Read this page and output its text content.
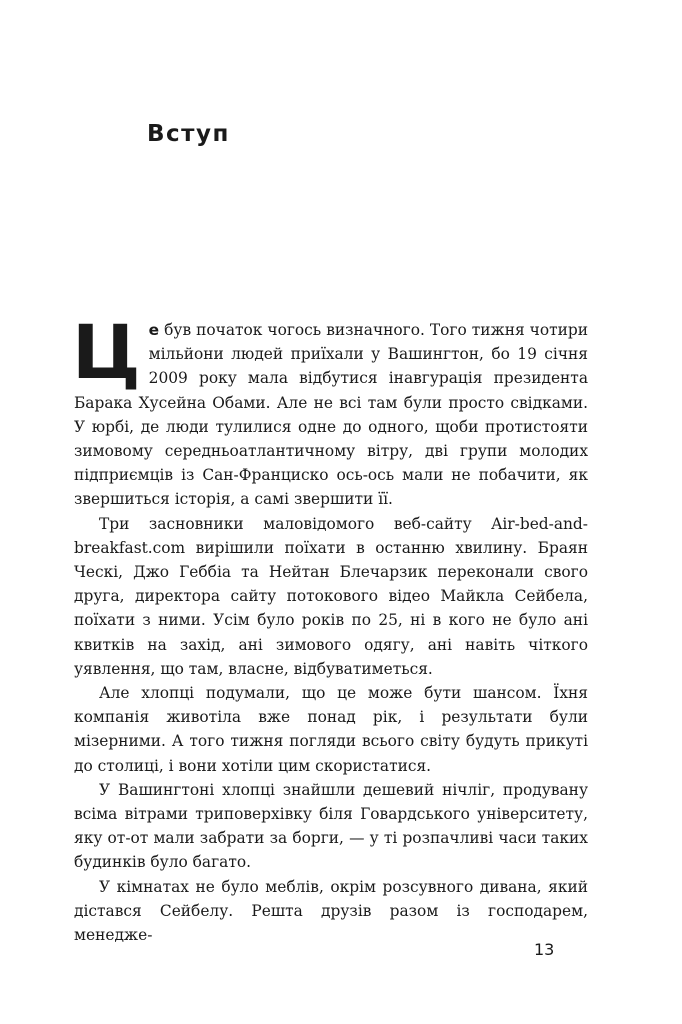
Вступ

Це був початок чогось визначного. Того тижня чотири мільйони людей приїхали у Вашингтон, бо 19 січня 2009 року мала відбутися інавгурація президента Барака Хусейна Обами. Але не всі там були просто свідками. У юрбі, де люди тулилися одне до одного, щоби протистояти зимовому середньоатлантичному вітру, дві групи молодих підприємців із Сан-Франциско ось-ось мали не побачити, як звершиться історія, а самі звершити її.

Три засновники маловідомого веб-сайту Air-bed-and-breakfast.com вирішили поїхати в останню хвилину. Браян Ческі, Джо Геббіа та Нейтан Блечарзик переконали свого друга, директора сайту потокового відео Майкла Сейбела, поїхати з ними. Усім було років по 25, ні в кого не було ані квитків на захід, ані зимового одягу, ані навіть чіткого уявлення, що там, власне, відбуватиметься.

Але хлопці подумали, що це може бути шансом. Їхня компанія животіла вже понад рік, і результати були мізерними. А того тижня погляди всього світу будуть прикуті до столиці, і вони хотіли цим скористатися.

У Вашингтоні хлопці знайшли дешевий нічліг, продувану всіма вітрами триповерхівку біля Говардського університету, яку от-от мали забрати за борги, — у ті розпачливі часи таких будинків було багато.

У кімнатах не було меблів, окрім розсувного дивана, який дістався Сейбелу. Решта друзів разом із господарем, менедже-

13
